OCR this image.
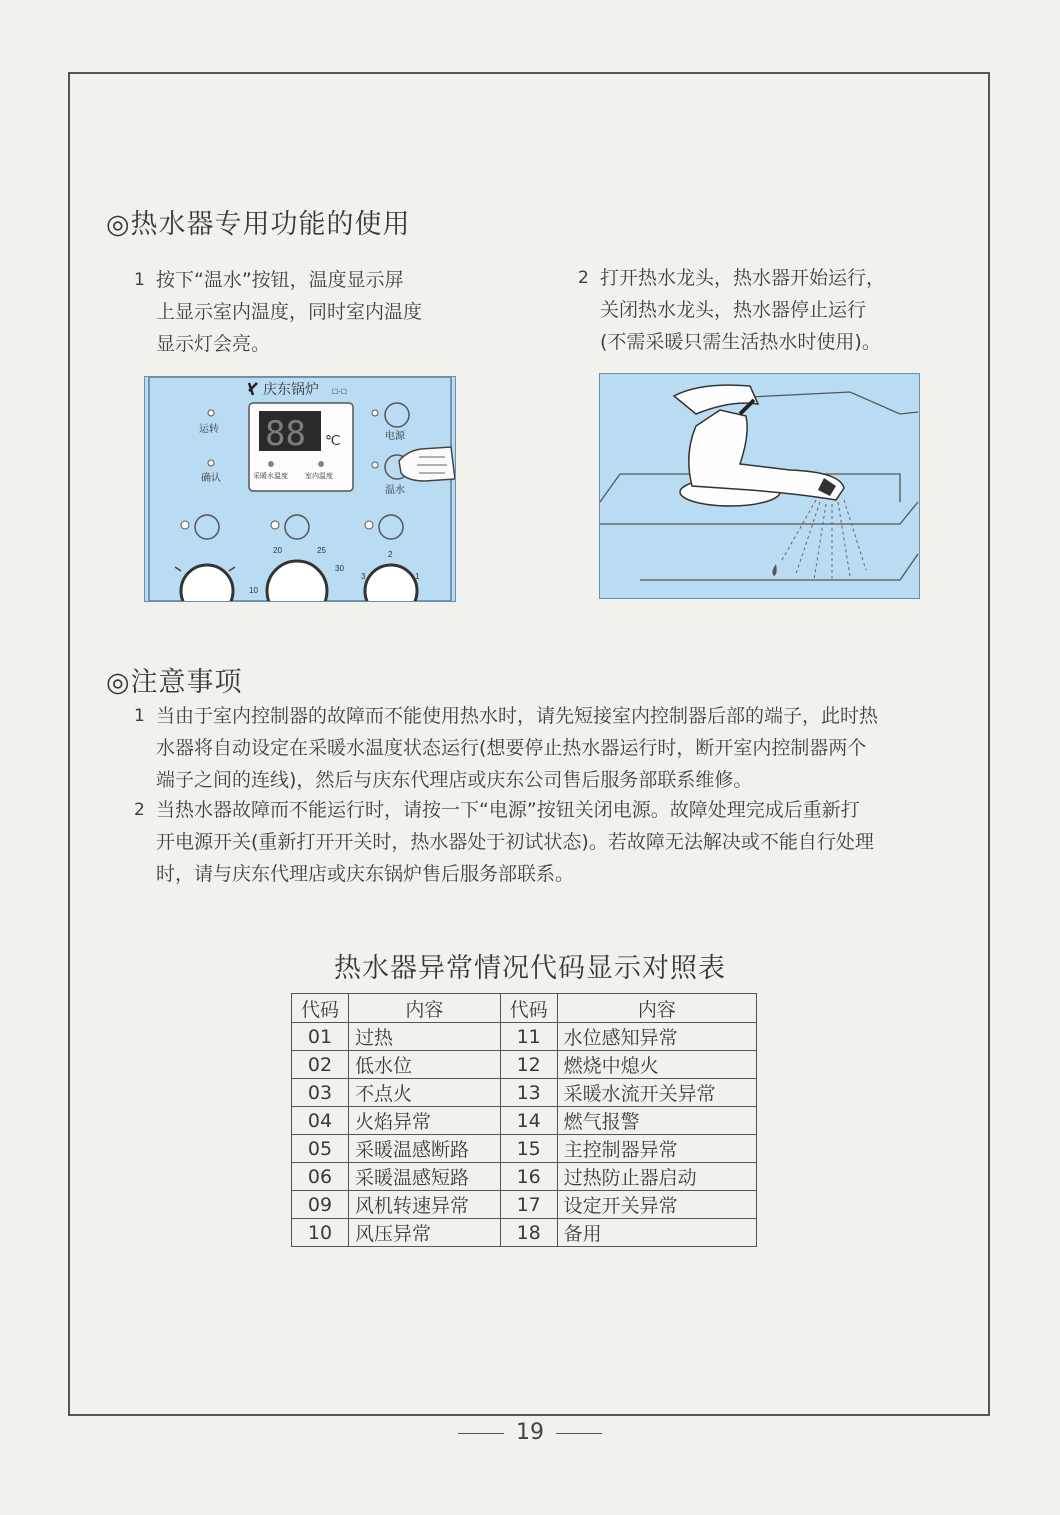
◎热水器专用功能的使用
1 按下“温水”按钮，温度显示屏
上显示室内温度，同时室内温度
显示灯会亮。
2 打开热水龙头，热水器开始运行，
关闭热水龙头，热水器停止运行
(不需采暖只需生活热水时使用)。
庆东锅炉 ☐-☐
88 ℃
采暖水温度 室内温度
运转
确认
电源
温水
20	25
30
10
2
3	1
◎注意事项
1 当由于室内控制器的故障而不能使用热水时，请先短接室内控制器后部的端子，此时热
水器将自动设定在采暖水温度状态运行(想要停止热水器运行时，断开室内控制器两个
端子之间的连线)，然后与庆东代理店或庆东公司售后服务部联系维修。
2 当热水器故障而不能运行时，请按一下“电源”按钮关闭电源。故障处理完成后重新打
开电源开关(重新打开开关时，热水器处于初试状态)。若故障无法解决或不能自行处理
时，请与庆东代理店或庆东锅炉售后服务部联系。
热水器异常情况代码显示对照表
代码	内容	代码	内容
01	过热	11	水位感知异常
02	低水位	12	燃烧中熄火
03	不点火	13	采暖水流开关异常
04	火焰异常	14	燃气报警
05	采暖温感断路	15	主控制器异常
06	采暖温感短路	16	过热防止器启动
09	风机转速异常	17	设定开关异常
10	风压异常	18	备用
19
